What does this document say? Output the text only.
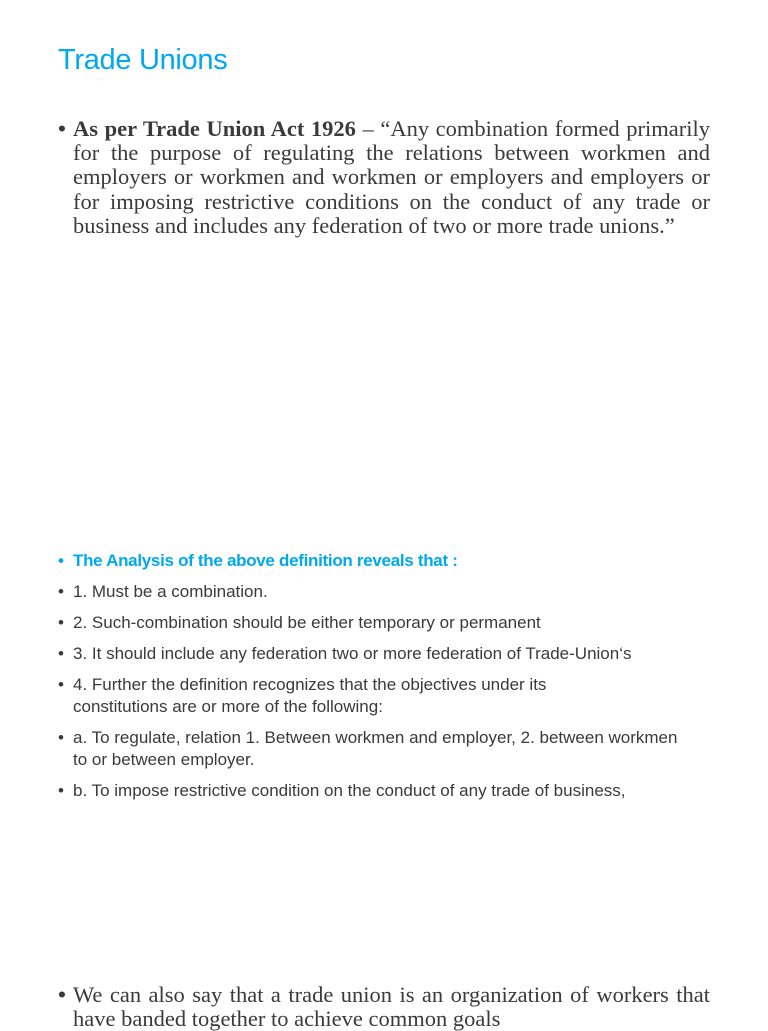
Trade Unions
• As per Trade Union Act 1926 – “Any combination formed primarily for the purpose of regulating the relations between workmen and employers or workmen and workmen or employers and employers or for imposing restrictive conditions on the conduct of any trade or business and includes any federation of two or more trade unions.”
• The Analysis of the above definition reveals that :
• 1. Must be a combination.
• 2. Such-combination should be either temporary or permanent
• 3. It should include any federation two or more federation of Trade-Union‘s
• 4. Further the definition recognizes that the objectives under its constitutions are or more of the following:
• a. To regulate, relation 1. Between workmen and employer, 2. between workmen to or between employer.
• b. To impose restrictive condition on the conduct of any trade of business,
• We can also say that a trade union is an organization of workers that have banded together to achieve common goals
